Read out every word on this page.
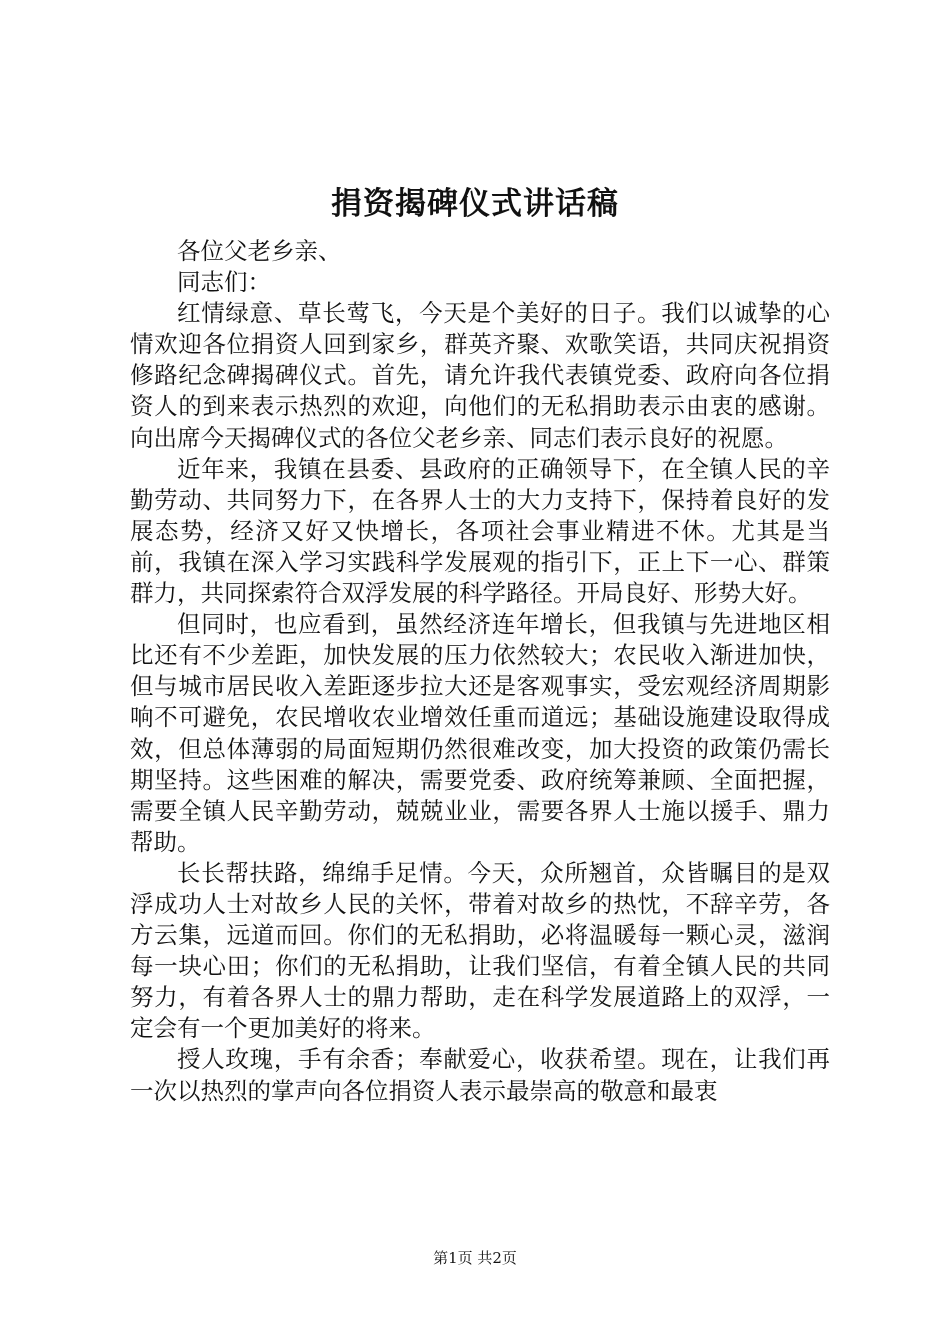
捐资揭碑仪式讲话稿

各位父老乡亲、

同志们：

红情绿意、草长莺飞，今天是个美好的日子。我们以诚挚的心情欢迎各位捐资人回到家乡，群英齐聚、欢歌笑语，共同庆祝捐资修路纪念碑揭碑仪式。首先，请允许我代表镇党委、政府向各位捐资人的到来表示热烈的欢迎，向他们的无私捐助表示由衷的感谢。向出席今天揭碑仪式的各位父老乡亲、同志们表示良好的祝愿。

近年来，我镇在县委、县政府的正确领导下，在全镇人民的辛勤劳动、共同努力下，在各界人士的大力支持下，保持着良好的发展态势，经济又好又快增长，各项社会事业精进不休。尤其是当前，我镇在深入学习实践科学发展观的指引下，正上下一心、群策群力，共同探索符合双浮发展的科学路径。开局良好、形势大好。

但同时，也应看到，虽然经济连年增长，但我镇与先进地区相比还有不少差距，加快发展的压力依然较大；农民收入渐进加快，但与城市居民收入差距逐步拉大还是客观事实，受宏观经济周期影响不可避免，农民增收农业增效任重而道远；基础设施建设取得成效，但总体薄弱的局面短期仍然很难改变，加大投资的政策仍需长期坚持。这些困难的解决，需要党委、政府统筹兼顾、全面把握，需要全镇人民辛勤劳动，兢兢业业，需要各界人士施以援手、鼎力帮助。

长长帮扶路，绵绵手足情。今天，众所翘首，众皆瞩目的是双浮成功人士对故乡人民的关怀，带着对故乡的热忱，不辞辛劳，各方云集，远道而回。你们的无私捐助，必将温暖每一颗心灵，滋润每一块心田；你们的无私捐助，让我们坚信，有着全镇人民的共同努力，有着各界人士的鼎力帮助，走在科学发展道路上的双浮，一定会有一个更加美好的将来。

授人玫瑰，手有余香；奉献爱心，收获希望。现在，让我们再一次以热烈的掌声向各位捐资人表示最崇高的敬意和最衷

第1页 共2页
